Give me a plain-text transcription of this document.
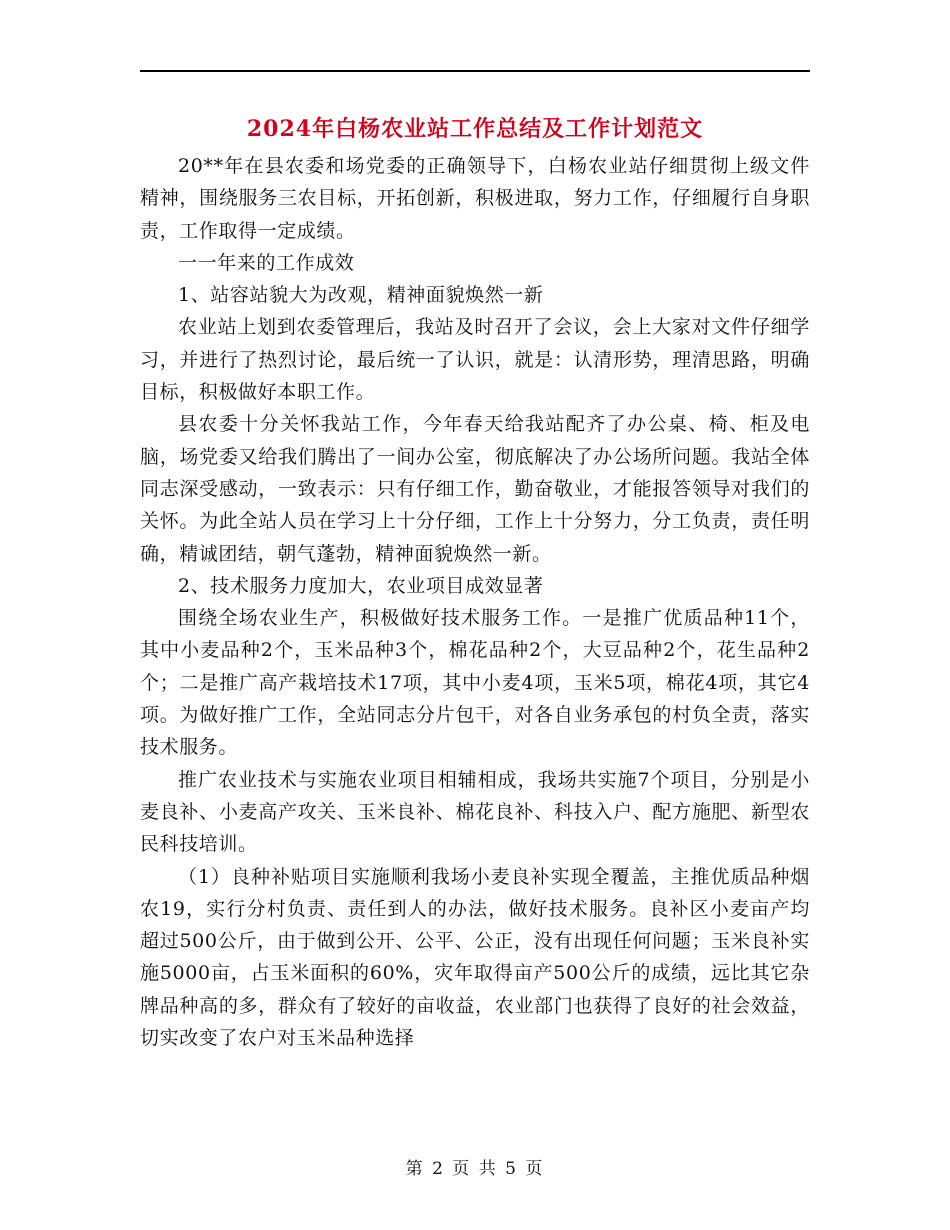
2024年白杨农业站工作总结及工作计划范文

20**年在县农委和场党委的正确领导下，白杨农业站仔细贯彻上级文件精神，围绕服务三农目标，开拓创新，积极进取，努力工作，仔细履行自身职责，工作取得一定成绩。

一一年来的工作成效

1、站容站貌大为改观，精神面貌焕然一新

农业站上划到农委管理后，我站及时召开了会议，会上大家对文件仔细学习，并进行了热烈讨论，最后统一了认识，就是：认清形势，理清思路，明确目标，积极做好本职工作。

县农委十分关怀我站工作，今年春天给我站配齐了办公桌、椅、柜及电脑，场党委又给我们腾出了一间办公室，彻底解决了办公场所问题。我站全体同志深受感动，一致表示：只有仔细工作，勤奋敬业，才能报答领导对我们的关怀。为此全站人员在学习上十分仔细，工作上十分努力，分工负责，责任明确，精诚团结，朝气蓬勃，精神面貌焕然一新。

2、技术服务力度加大，农业项目成效显著

围绕全场农业生产，积极做好技术服务工作。一是推广优质品种11个，其中小麦品种2个，玉米品种3个，棉花品种2个，大豆品种2个，花生品种2个；二是推广高产栽培技术17项，其中小麦4项，玉米5项，棉花4项，其它4项。为做好推广工作，全站同志分片包干，对各自业务承包的村负全责，落实技术服务。

推广农业技术与实施农业项目相辅相成，我场共实施7个项目，分别是小麦良补、小麦高产攻关、玉米良补、棉花良补、科技入户、配方施肥、新型农民科技培训。

（1）良种补贴项目实施顺利我场小麦良补实现全覆盖，主推优质品种烟农19，实行分村负责、责任到人的办法，做好技术服务。良补区小麦亩产均超过500公斤，由于做到公开、公平、公正，没有出现任何问题；玉米良补实施5000亩，占玉米面积的60%，灾年取得亩产500公斤的成绩，远比其它杂牌品种高的多，群众有了较好的亩收益，农业部门也获得了良好的社会效益，切实改变了农户对玉米品种选择

第 2 页 共 5 页
